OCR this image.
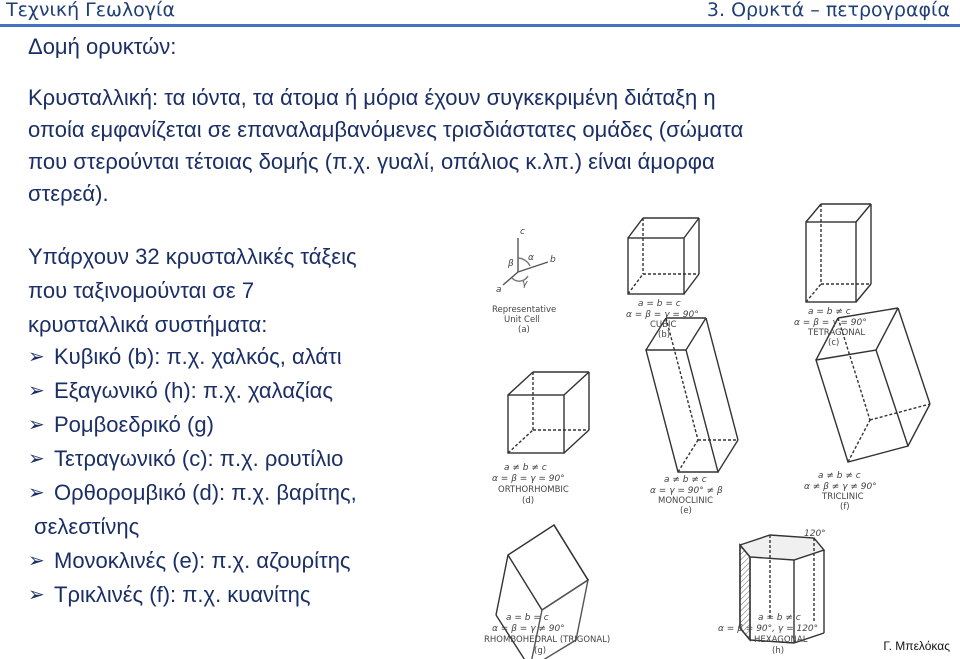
Τεχνική Γεωλογία	3. Ορυκτά – πετρογραφία
Δομή ορυκτών:
Κρυσταλλική: τα ιόντα, τα άτομα ή μόρια έχουν συγκεκριμένη διάταξη η
οποία εμφανίζεται σε επαναλαμβανόμενες τρισδιάστατες ομάδες (σώματα
που στερούνται τέτοιας δομής (π.χ. γυαλί, οπάλιος κ.λπ.) είναι άμορφα
στερεά).
Υπάρχουν 32 κρυσταλλικές τάξεις
που ταξινομούνται σε 7
κρυσταλλικά συστήματα:
➢ Κυβικό (b): π.χ. χαλκός, αλάτι
➢ Εξαγωνικό (h): π.χ. χαλαζίας
➢ Ρομβοεδρικό (g)
➢ Τετραγωνικό (c): π.χ. ρουτίλιο
➢ Ορθορομβικό (d): π.χ. βαρίτης,
σελεστίνης
➢ Μονοκλινές (e): π.χ. αζουρίτης
➢ Τρικλινές (f): π.χ. κυανίτης
c
b
a
α
β
γ
Representative
Unit Cell
(a)
a = b = c
α = β = γ = 90°
CUBIC
(b)
a = b ≠ c
α = β = γ = 90°
TETRAGONAL
(c)
a ≠ b ≠ c
α = β = γ = 90°
ORTHORHOMBIC
(d)
a ≠ b ≠ c
α = γ = 90° ≠ β
MONOCLINIC
(e)
a ≠ b ≠ c
α ≠ β ≠ γ ≠ 90°
TRICLINIC
(f)
120°
a = b = c
α = β = γ ≠ 90°
RHOMBOHEDRAL (TRIGONAL)
(g)
a = b ≠ c
α = β = 90°, γ = 120°
HEXAGONAL
(h)	Γ. Μπελόκας
